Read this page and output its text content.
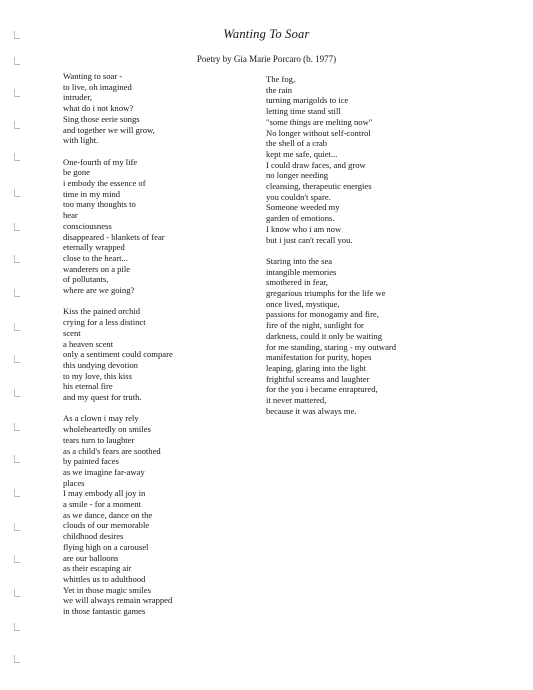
Wanting To Soar

Poetry by Gia Marie Porcaro (b. 1977)

Wanting to soar -
to live, oh imagined
intruder,
what do i not know?
Sing those eerie songs
and together we will grow,
with light.
One-fourth of my life
be gone
i embody the essence of
time in my mind
too many thoughts to
hear
consciousness
disappeared - blankets of fear
eternally wrapped
close to the heart...
wanderers on a pile
of pollutants,
where are we going?
Kiss the pained orchid
crying for a less distinct
scent
a heaven scent
only a sentiment could compare
this undying devotion
to my love, this kiss
his eternal fire
and my quest for truth.
As a clown i may rely
wholeheartedly on smiles
tears turn to laughter
as a child's fears are soothed
by painted faces
as we imagine far-away
places
I may embody all joy in
a smile - for a moment
as we dance, dance on the
clouds of our memorable
childhood desires
flying high on a carousel
are our balloons
as their escaping air
whittles us to adulthood
Yet in those magic smiles
we will always remain wrapped
in those fantastic games
The fog,
the rain
turning marigolds to ice
letting time stand still
"some things are melting now"
No longer without self-control
the shell of a crab
kept me safe, quiet...
I could draw faces, and grow
no longer needing
cleansing, therapeutic energies
you couldn't spare.
Someone weeded my
garden of emotions.
I know who i am now
but i just can't recall you.
Staring into the sea
intangible memories
smothered in fear,
gregarious triumphs for the life we
once lived, mystique,
passions for monogamy and fire,
fire of the night, sunlight for
darkness, could it only be waiting
for me standing, staring - my outward
manifestation for purity, hopes
leaping, glaring into the light
frightful screams and laughter
for the you i became enraptured,
it never mattered,
because it was always me.
